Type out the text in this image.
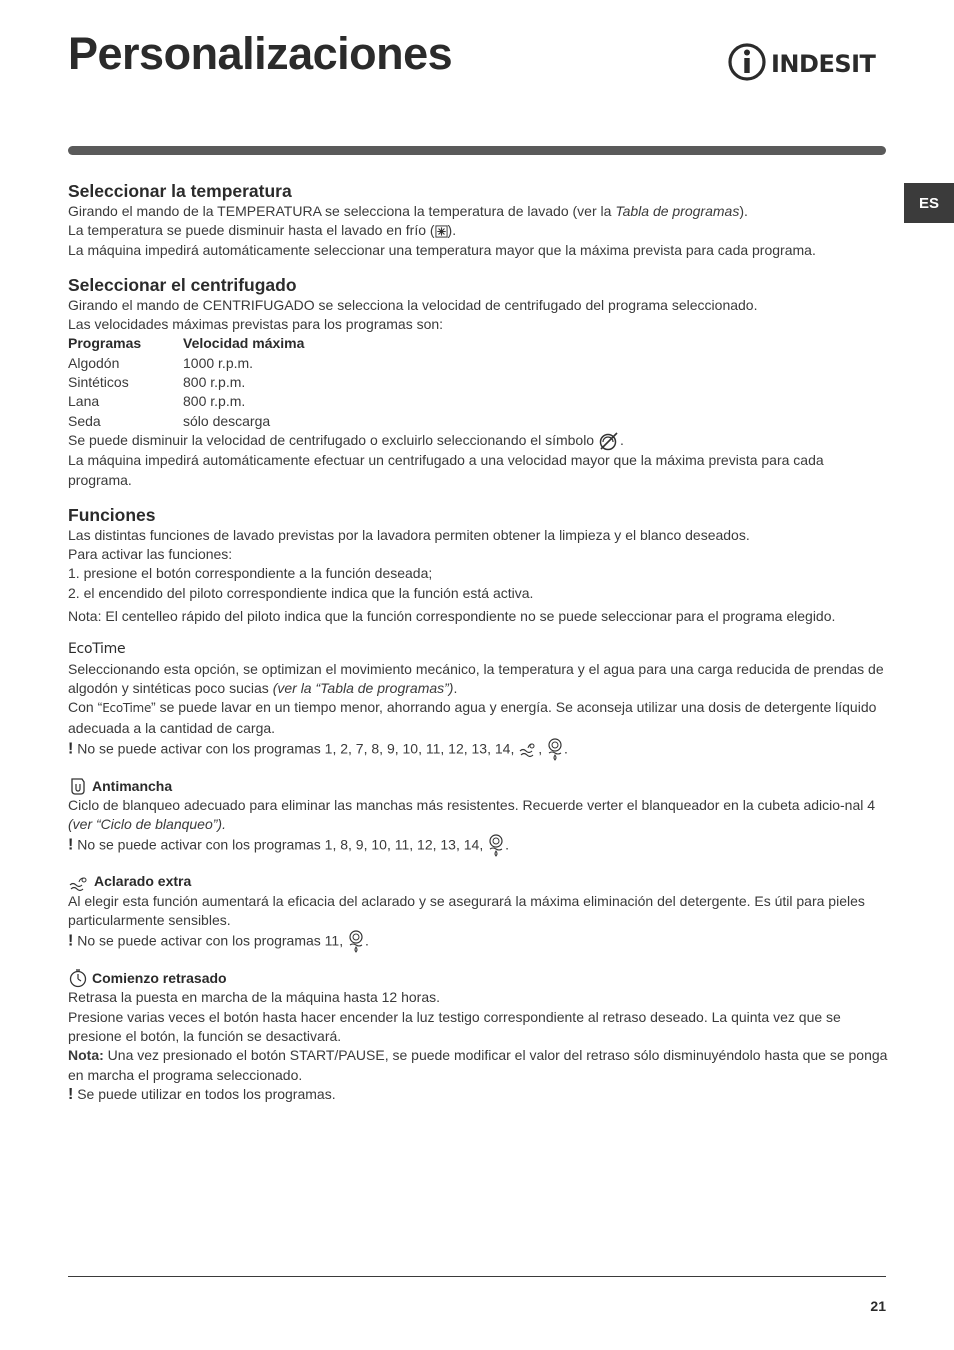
Personalizaciones	INDESIT
ES
Seleccionar la temperatura

Girando el mando de la TEMPERATURA se selecciona la temperatura de lavado (ver la Tabla de programas).

La temperatura se puede disminuir hasta el lavado en frío ( ).

La máquina impedirá automáticamente seleccionar una temperatura mayor que la máxima prevista para cada programa.

Seleccionar el centrifugado

Girando el mando de CENTRIFUGADO se selecciona la velocidad de centrifugado del programa seleccionado.

Las velocidades máximas previstas para los programas son:

Programas	Velocidad máxima
Algodón	1000 r.p.m.
Sintéticos	800 r.p.m.
Lana	800 r.p.m.
Seda	sólo descarga

Se puede disminuir la velocidad de centrifugado o excluirlo seleccionando el símbolo .

La máquina impedirá automáticamente efectuar un centrifugado a una velocidad mayor que la máxima prevista para cada programa.

Funciones

Las distintas funciones de lavado previstas por la lavadora permiten obtener la limpieza y el blanco deseados.

Para activar las funciones:

1. presione el botón correspondiente a la función deseada;

2. el encendido del piloto correspondiente indica que la función está activa.

Nota: El centelleo rápido del piloto indica que la función correspondiente no se puede seleccionar para el programa elegido.

EcoTime

Seleccionando esta opción, se optimizan el movimiento mecánico, la temperatura y el agua para una carga reducida de prendas de algodón y sintéticas poco sucias (ver la “Tabla de programas”).

Con “EcoTime” se puede lavar en un tiempo menor, ahorrando agua y energía. Se aconseja utilizar una dosis de detergente líquido adecuada a la cantidad de carga.

! No se puede activar con los programas 1, 2, 7, 8, 9, 10, 11, 12, 13, 14, , .

Antimancha

Ciclo de blanqueo adecuado para eliminar las manchas más resistentes. Recuerde verter el blanqueador en la cubeta adicio-nal 4 (ver “Ciclo de blanqueo”).

! No se puede activar con los programas 1, 8, 9, 10, 11, 12, 13, 14, .

Aclarado extra

Al elegir esta función aumentará la eficacia del aclarado y se asegurará la máxima eliminación del detergente. Es útil para pieles particularmente sensibles.

! No se puede activar con los programas 11, .

Comienzo retrasado

Retrasa la puesta en marcha de la máquina hasta 12 horas.

Presione varias veces el botón hasta hacer encender la luz testigo correspondiente al retraso deseado. La quinta vez que se presione el botón, la función se desactivará.

Nota: Una vez presionado el botón START/PAUSE, se puede modificar el valor del retraso sólo disminuyéndolo hasta que se ponga en marcha el programa seleccionado.

! Se puede utilizar en todos los programas.

21
